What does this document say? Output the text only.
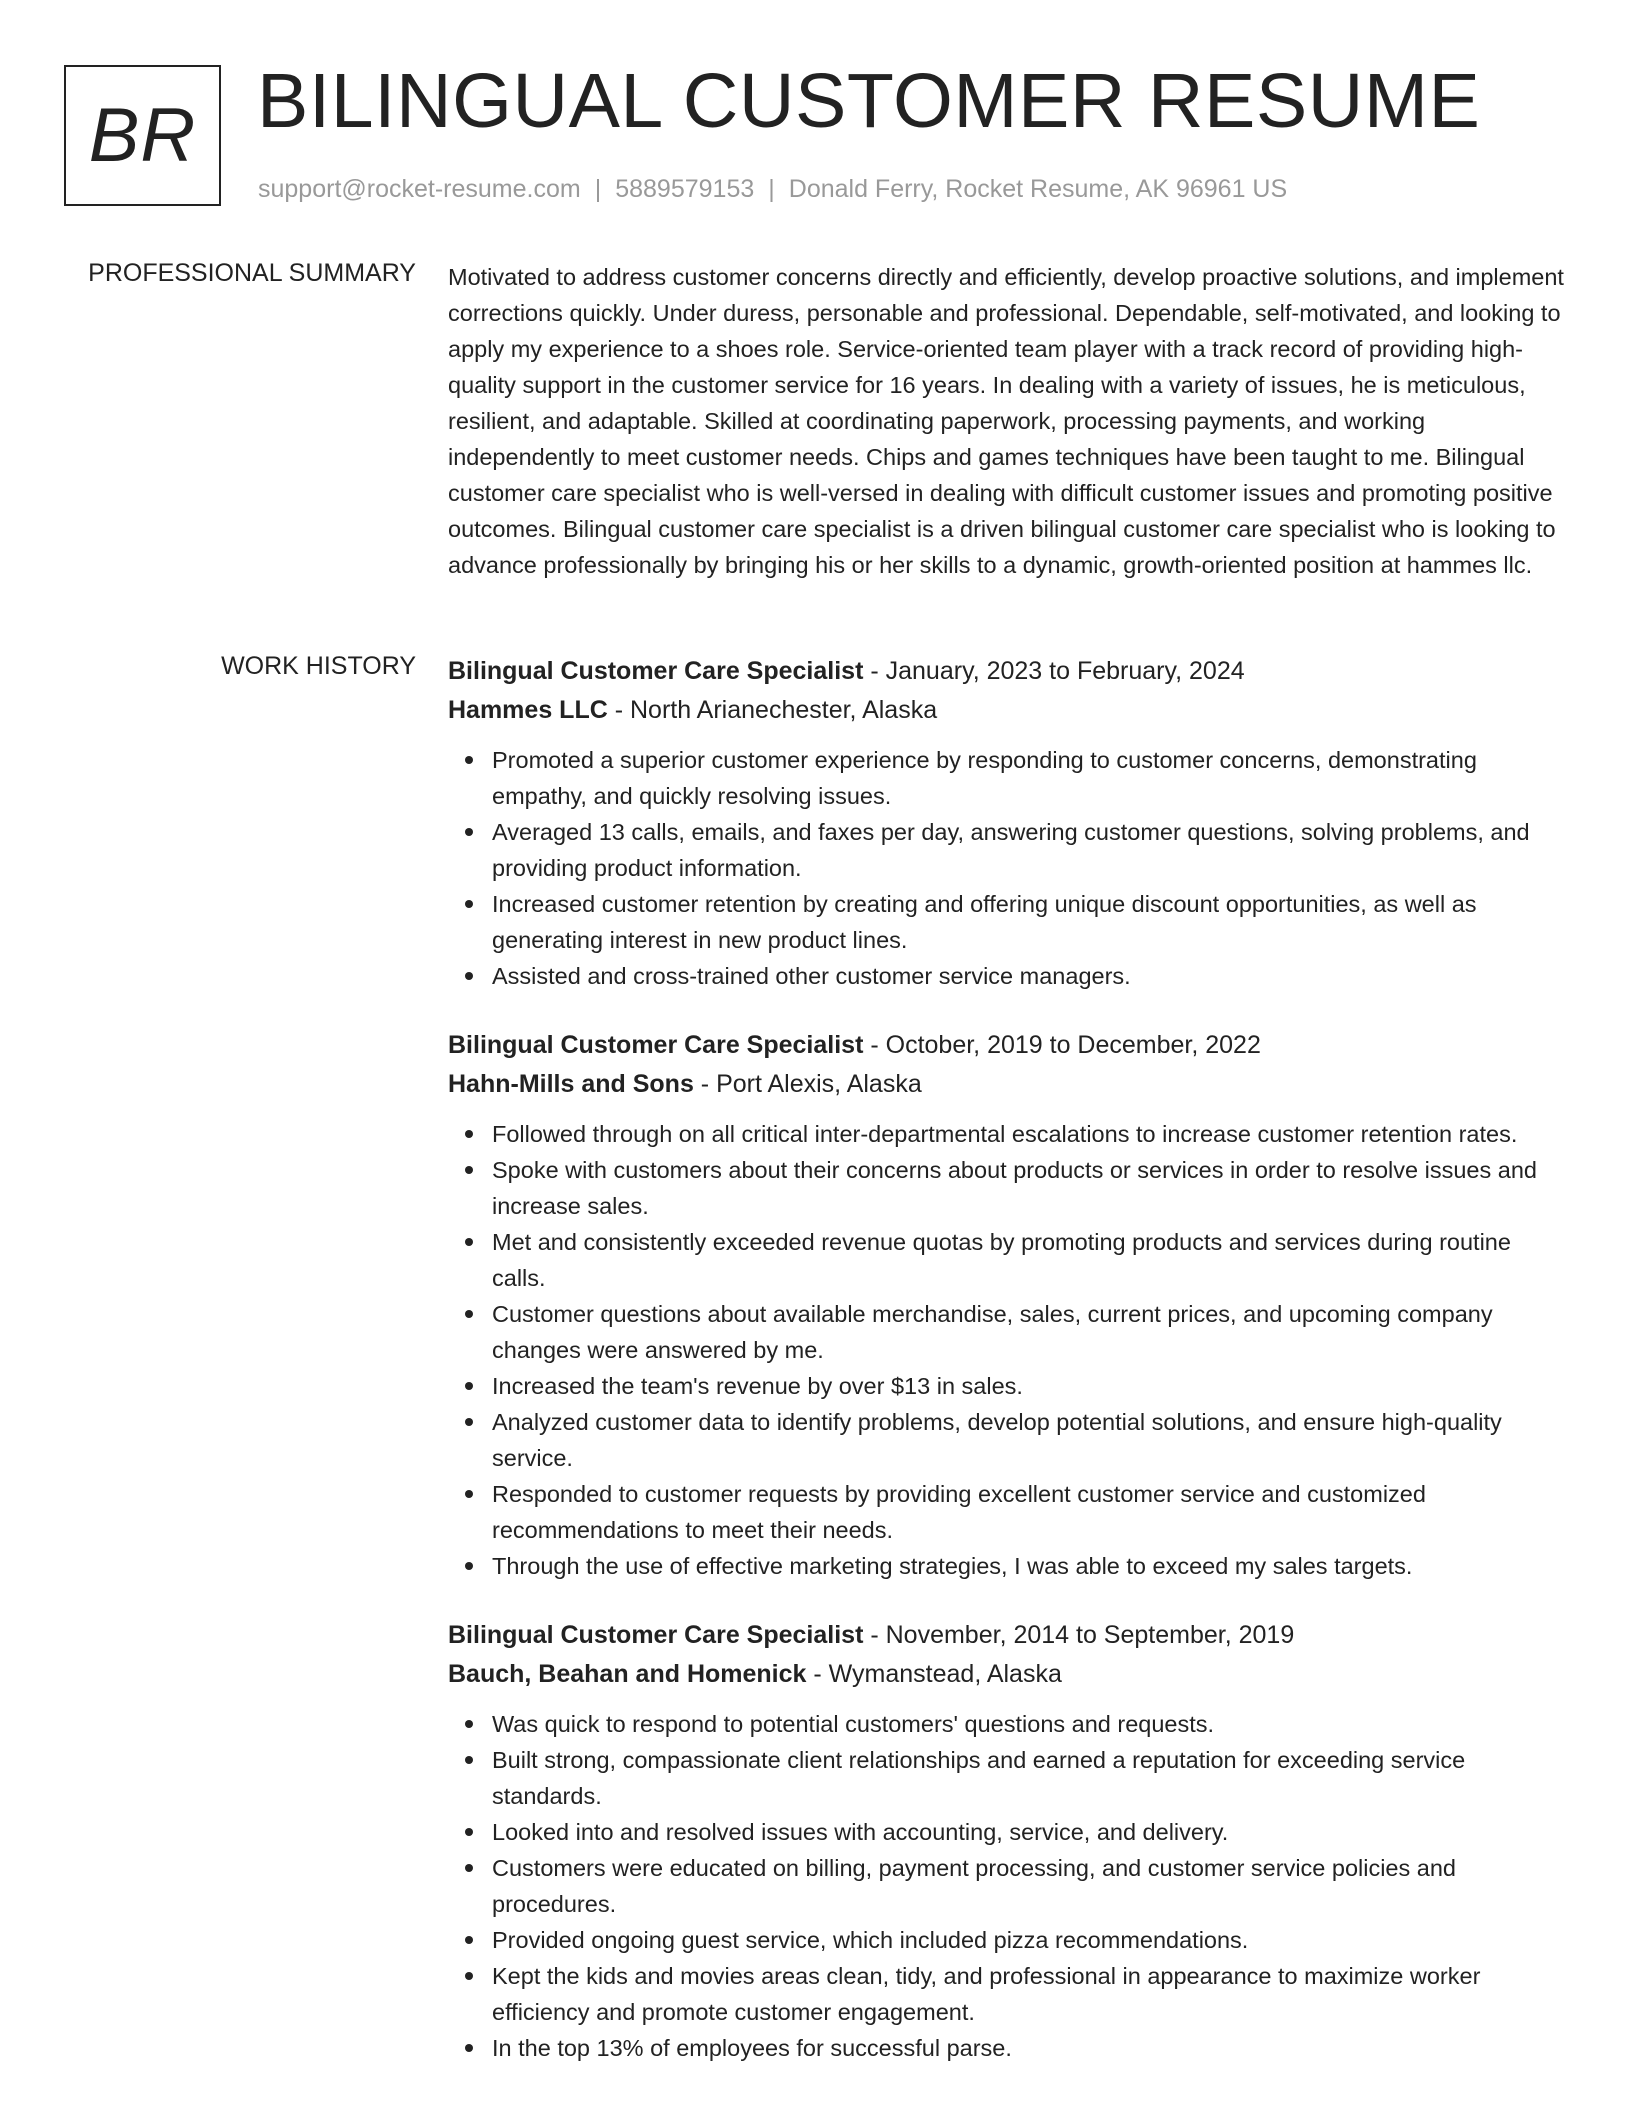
BR BILINGUAL CUSTOMER RESUME
support@rocket-resume.com | 5889579153 | Donald Ferry, Rocket Resume, AK 96961 US
PROFESSIONAL SUMMARY Motivated to address customer concerns directly and efficiently, develop proactive solutions, and implement corrections quickly. Under duress, personable and professional. Dependable, self-motivated, and looking to apply my experience to a shoes role. Service-oriented team player with a track record of providing high-quality support in the customer service for 16 years. In dealing with a variety of issues, he is meticulous, resilient, and adaptable. Skilled at coordinating paperwork, processing payments, and working independently to meet customer needs. Chips and games techniques have been taught to me. Bilingual customer care specialist who is well-versed in dealing with difficult customer issues and promoting positive outcomes. Bilingual customer care specialist is a driven bilingual customer care specialist who is looking to advance professionally by bringing his or her skills to a dynamic, growth-oriented position at hammes llc.

WORK HISTORY Bilingual Customer Care Specialist - January, 2023 to February, 2024
Hammes LLC - North Arianechester, Alaska
Promoted a superior customer experience by responding to customer concerns, demonstrating empathy, and quickly resolving issues.
Averaged 13 calls, emails, and faxes per day, answering customer questions, solving problems, and providing product information.
Increased customer retention by creating and offering unique discount opportunities, as well as generating interest in new product lines.
Assisted and cross-trained other customer service managers.
Bilingual Customer Care Specialist - October, 2019 to December, 2022
Hahn-Mills and Sons - Port Alexis, Alaska
Followed through on all critical inter-departmental escalations to increase customer retention rates.
Spoke with customers about their concerns about products or services in order to resolve issues and increase sales.
Met and consistently exceeded revenue quotas by promoting products and services during routine calls.
Customer questions about available merchandise, sales, current prices, and upcoming company changes were answered by me.
Increased the team's revenue by over $13 in sales.
Analyzed customer data to identify problems, develop potential solutions, and ensure high-quality service.
Responded to customer requests by providing excellent customer service and customized recommendations to meet their needs.
Through the use of effective marketing strategies, I was able to exceed my sales targets.
Bilingual Customer Care Specialist - November, 2014 to September, 2019
Bauch, Beahan and Homenick - Wymanstead, Alaska
Was quick to respond to potential customers' questions and requests.
Built strong, compassionate client relationships and earned a reputation for exceeding service standards.
Looked into and resolved issues with accounting, service, and delivery.
Customers were educated on billing, payment processing, and customer service policies and procedures.
Provided ongoing guest service, which included pizza recommendations.
Kept the kids and movies areas clean, tidy, and professional in appearance to maximize worker efficiency and promote customer engagement.
In the top 13% of employees for successful parse.
